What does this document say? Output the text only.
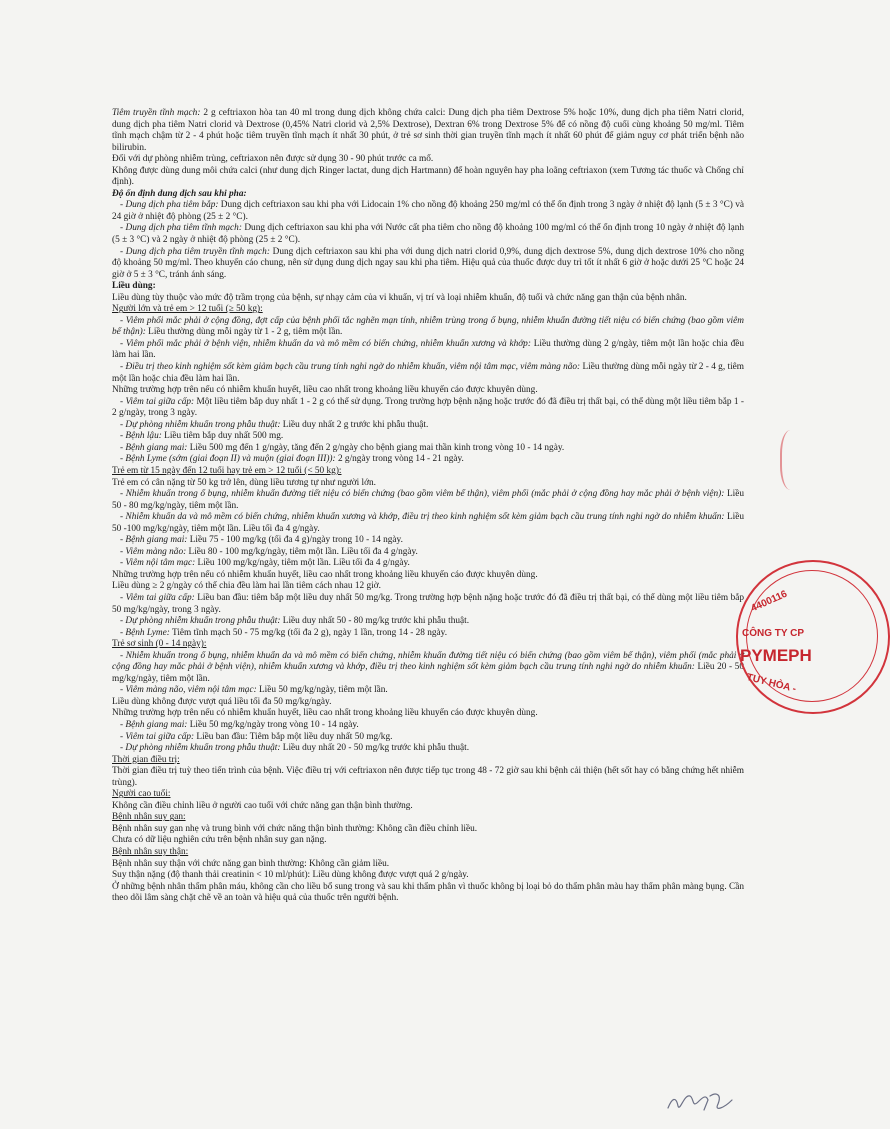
Tiêm truyền tĩnh mạch: 2 g ceftriaxon hòa tan 40 ml trong dung dịch không chứa calci: Dung dịch pha tiêm Dextrose 5% hoặc 10%, dung dịch pha tiêm Natri clorid, dung dịch pha tiêm Natri clorid và Dextrose (0,45% Natri clorid và 2,5% Dextrose), Dextran 6% trong Dextrose 5% để có nồng độ cuối cùng khoảng 50 mg/ml. Tiêm tĩnh mạch chậm từ 2 - 4 phút hoặc tiêm truyền tĩnh mạch ít nhất 30 phút, ở trẻ sơ sinh thời gian truyền tĩnh mạch ít nhất 60 phút để giảm nguy cơ phát triển bệnh não bilirubin.

Đối với dự phòng nhiễm trùng, ceftriaxon nên được sử dụng 30 - 90 phút trước ca mổ.

Không được dùng dung môi chứa calci (như dung dịch Ringer lactat, dung dịch Hartmann) để hoàn nguyên hay pha loãng ceftriaxon (xem Tương tác thuốc và Chống chỉ định).

Độ ổn định dung dịch sau khi pha:

- Dung dịch pha tiêm bắp: Dung dịch ceftriaxon sau khi pha với Lidocain 1% cho nồng độ khoảng 250 mg/ml có thể ổn định trong 3 ngày ở nhiệt độ lạnh (5 ± 3 °C) và 24 giờ ở nhiệt độ phòng (25 ± 2 °C).

- Dung dịch pha tiêm tĩnh mạch: Dung dịch ceftriaxon sau khi pha với Nước cất pha tiêm cho nồng độ khoảng 100 mg/ml có thể ổn định trong 10 ngày ở nhiệt độ lạnh (5 ± 3 °C) và 2 ngày ở nhiệt độ phòng (25 ± 2 °C).

- Dung dịch pha tiêm truyền tĩnh mạch: Dung dịch ceftriaxon sau khi pha với dung dịch natri clorid 0,9%, dung dịch dextrose 5%, dung dịch dextrose 10% cho nồng độ khoảng 50 mg/ml. Theo khuyến cáo chung, nên sử dụng dung dịch ngay sau khi pha tiêm. Hiệu quả của thuốc được duy trì tốt ít nhất 6 giờ ở hoặc dưới 25 °C hoặc 24 giờ ở 5 ± 3 °C, tránh ánh sáng.

Liều dùng:

Liều dùng tùy thuộc vào mức độ trầm trọng của bệnh, sự nhạy cảm của vi khuẩn, vị trí và loại nhiễm khuẩn, độ tuổi và chức năng gan thận của bệnh nhân.

Người lớn và trẻ em > 12 tuổi (≥ 50 kg):

- Viêm phổi mắc phải ở cộng đồng, đợt cấp của bệnh phổi tắc nghẽn mạn tính, nhiễm trùng trong ổ bụng, nhiễm khuẩn đường tiết niệu có biến chứng (bao gồm viêm bể thận): Liều thường dùng mỗi ngày từ 1 - 2 g, tiêm một lần.

- Viêm phổi mắc phải ở bệnh viện, nhiễm khuẩn da và mô mềm có biến chứng, nhiễm khuẩn xương và khớp: Liều thường dùng 2 g/ngày, tiêm một lần hoặc chia đều làm hai lần.

- Điều trị theo kinh nghiệm sốt kèm giảm bạch cầu trung tính nghi ngờ do nhiễm khuẩn, viêm nội tâm mạc, viêm màng não: Liều thường dùng mỗi ngày từ 2 - 4 g, tiêm một lần hoặc chia đều làm hai lần.

Những trường hợp trên nếu có nhiễm khuẩn huyết, liều cao nhất trong khoảng liều khuyến cáo được khuyên dùng.

- Viêm tai giữa cấp: Một liều tiêm bắp duy nhất 1 - 2 g có thể sử dụng. Trong trường hợp bệnh nặng hoặc trước đó đã điều trị thất bại, có thể dùng một liều tiêm bắp 1 - 2 g/ngày, trong 3 ngày.

- Dự phòng nhiễm khuẩn trong phẫu thuật: Liều duy nhất 2 g trước khi phẫu thuật.

- Bệnh lậu: Liều tiêm bắp duy nhất 500 mg.

- Bệnh giang mai: Liều 500 mg đến 1 g/ngày, tăng đến 2 g/ngày cho bệnh giang mai thần kinh trong vòng 10 - 14 ngày.

- Bệnh Lyme (sớm (giai đoạn II) và muộn (giai đoạn III)): 2 g/ngày trong vòng 14 - 21 ngày.

Trẻ em từ 15 ngày đến 12 tuổi hay trẻ em > 12 tuổi (< 50 kg):

Trẻ em có cân nặng từ 50 kg trở lên, dùng liều tương tự như người lớn.

- Nhiễm khuẩn trong ổ bụng, nhiễm khuẩn đường tiết niệu có biến chứng (bao gồm viêm bể thận), viêm phổi (mắc phải ở cộng đồng hay mắc phải ở bệnh viện): Liều 50 - 80 mg/kg/ngày, tiêm một lần.

- Nhiễm khuẩn da và mô mềm có biến chứng, nhiễm khuẩn xương và khớp, điều trị theo kinh nghiệm sốt kèm giảm bạch cầu trung tính nghi ngờ do nhiễm khuẩn: Liều 50 -100 mg/kg/ngày, tiêm một lần. Liều tối đa 4 g/ngày.

- Bệnh giang mai: Liều 75 - 100 mg/kg (tối đa 4 g)/ngày trong 10 - 14 ngày.

- Viêm màng não: Liều 80 - 100 mg/kg/ngày, tiêm một lần. Liều tối đa 4 g/ngày.

- Viêm nội tâm mạc: Liều 100 mg/kg/ngày, tiêm một lần. Liều tối đa 4 g/ngày.

Những trường hợp trên nếu có nhiễm khuẩn huyết, liều cao nhất trong khoảng liều khuyến cáo được khuyên dùng.

Liều dùng ≥ 2 g/ngày có thể chia đều làm hai lần tiêm cách nhau 12 giờ.

- Viêm tai giữa cấp: Liều ban đầu: tiêm bắp một liều duy nhất 50 mg/kg. Trong trường hợp bệnh nặng hoặc trước đó đã điều trị thất bại, có thể dùng một liều tiêm bắp 50 mg/kg/ngày, trong 3 ngày.

- Dự phòng nhiễm khuẩn trong phẫu thuật: Liều duy nhất 50 - 80 mg/kg trước khi phẫu thuật.

- Bệnh Lyme: Tiêm tĩnh mạch 50 - 75 mg/kg (tối đa 2 g), ngày 1 lần, trong 14 - 28 ngày.

Trẻ sơ sinh (0 - 14 ngày):

- Nhiễm khuẩn trong ổ bụng, nhiễm khuẩn da và mô mềm có biến chứng, nhiễm khuẩn đường tiết niệu có biến chứng (bao gồm viêm bể thận), viêm phổi (mắc phải ở cộng đồng hay mắc phải ở bệnh viện), nhiễm khuẩn xương và khớp, điều trị theo kinh nghiệm sốt kèm giảm bạch cầu trung tính nghi ngờ do nhiễm khuẩn: Liều 20 - 50 mg/kg/ngày, tiêm một lần.

- Viêm màng não, viêm nội tâm mạc: Liều 50 mg/kg/ngày, tiêm một lần.

Liều dùng không được vượt quá liều tối đa 50 mg/kg/ngày.

Những trường hợp trên nếu có nhiễm khuẩn huyết, liều cao nhất trong khoảng liều khuyến cáo được khuyên dùng.

- Bệnh giang mai: Liều 50 mg/kg/ngày trong vòng 10 - 14 ngày.

- Viêm tai giữa cấp: Liều ban đầu: Tiêm bắp một liều duy nhất 50 mg/kg.

- Dự phòng nhiễm khuẩn trong phẫu thuật: Liều duy nhất 20 - 50 mg/kg trước khi phẫu thuật.

Thời gian điều trị:

Thời gian điều trị tuỳ theo tiến trình của bệnh. Việc điều trị với ceftriaxon nên được tiếp tục trong 48 - 72 giờ sau khi bệnh cải thiện (hết sốt hay có bằng chứng hết nhiễm trùng).

Người cao tuổi:

Không cần điều chỉnh liều ở người cao tuổi với chức năng gan thận bình thường.

Bệnh nhân suy gan:

Bệnh nhân suy gan nhẹ và trung bình với chức năng thận bình thường: Không cần điều chỉnh liều.

Chưa có dữ liệu nghiên cứu trên bệnh nhân suy gan nặng.

Bệnh nhân suy thận:

Bệnh nhân suy thận với chức năng gan bình thường: Không cần giảm liều.

Suy thận nặng (độ thanh thải creatinin < 10 ml/phút): Liều dùng không được vượt quá 2 g/ngày.

Ở những bệnh nhân thẩm phân máu, không cần cho liều bổ sung trong và sau khi thẩm phân vì thuốc không bị loại bỏ do thẩm phân màu hay thẩm phân màng bụng. Cần theo dõi lâm sàng chặt chẽ về an toàn và hiệu quả của thuốc trên người bệnh.

4400116
CÔNG TY CP
PYMEPH
TUY HÒA -
